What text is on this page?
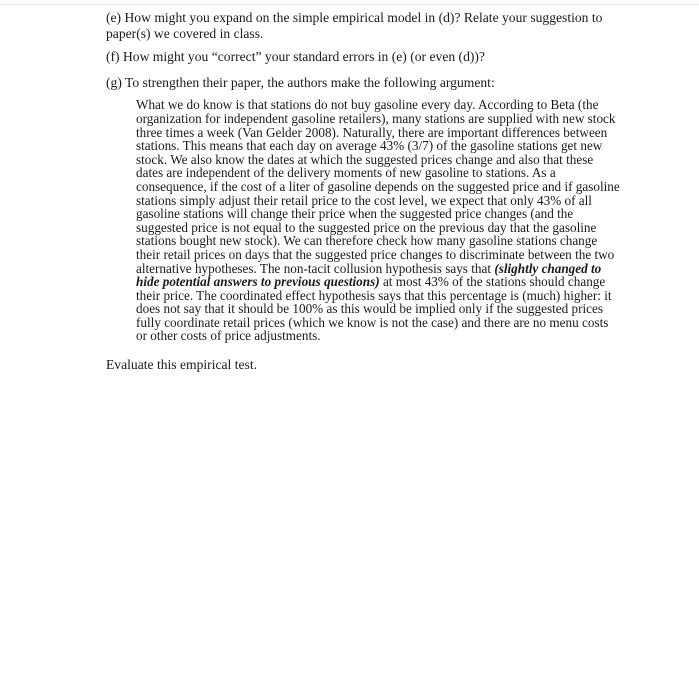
(e) How might you expand on the simple empirical model in (d)? Relate your suggestion to paper(s) we covered in class.

(f) How might you “correct” your standard errors in (e) (or even (d))?

(g) To strengthen their paper, the authors make the following argument:

What we do know is that stations do not buy gasoline every day. According to Beta (the organization for independent gasoline retailers), many stations are supplied with new stock three times a week (Van Gelder 2008). Naturally, there are important differences between stations. This means that each day on average 43% (3/7) of the gasoline stations get new stock. We also know the dates at which the suggested prices change and also that these dates are independent of the delivery moments of new gasoline to stations. As a consequence, if the cost of a liter of gasoline depends on the suggested price and if gasoline stations simply adjust their retail price to the cost level, we expect that only 43% of all gasoline stations will change their price when the suggested price changes (and the suggested price is not equal to the suggested price on the previous day that the gasoline stations bought new stock). We can therefore check how many gasoline stations change their retail prices on days that the suggested price changes to discriminate between the two alternative hypotheses. The non-tacit collusion hypothesis says that (slightly changed to hide potential answers to previous questions) at most 43% of the stations should change their price. The coordinated effect hypothesis says that this percentage is (much) higher: it does not say that it should be 100% as this would be implied only if the suggested prices fully coordinate retail prices (which we know is not the case) and there are no menu costs or other costs of price adjustments.

Evaluate this empirical test.
